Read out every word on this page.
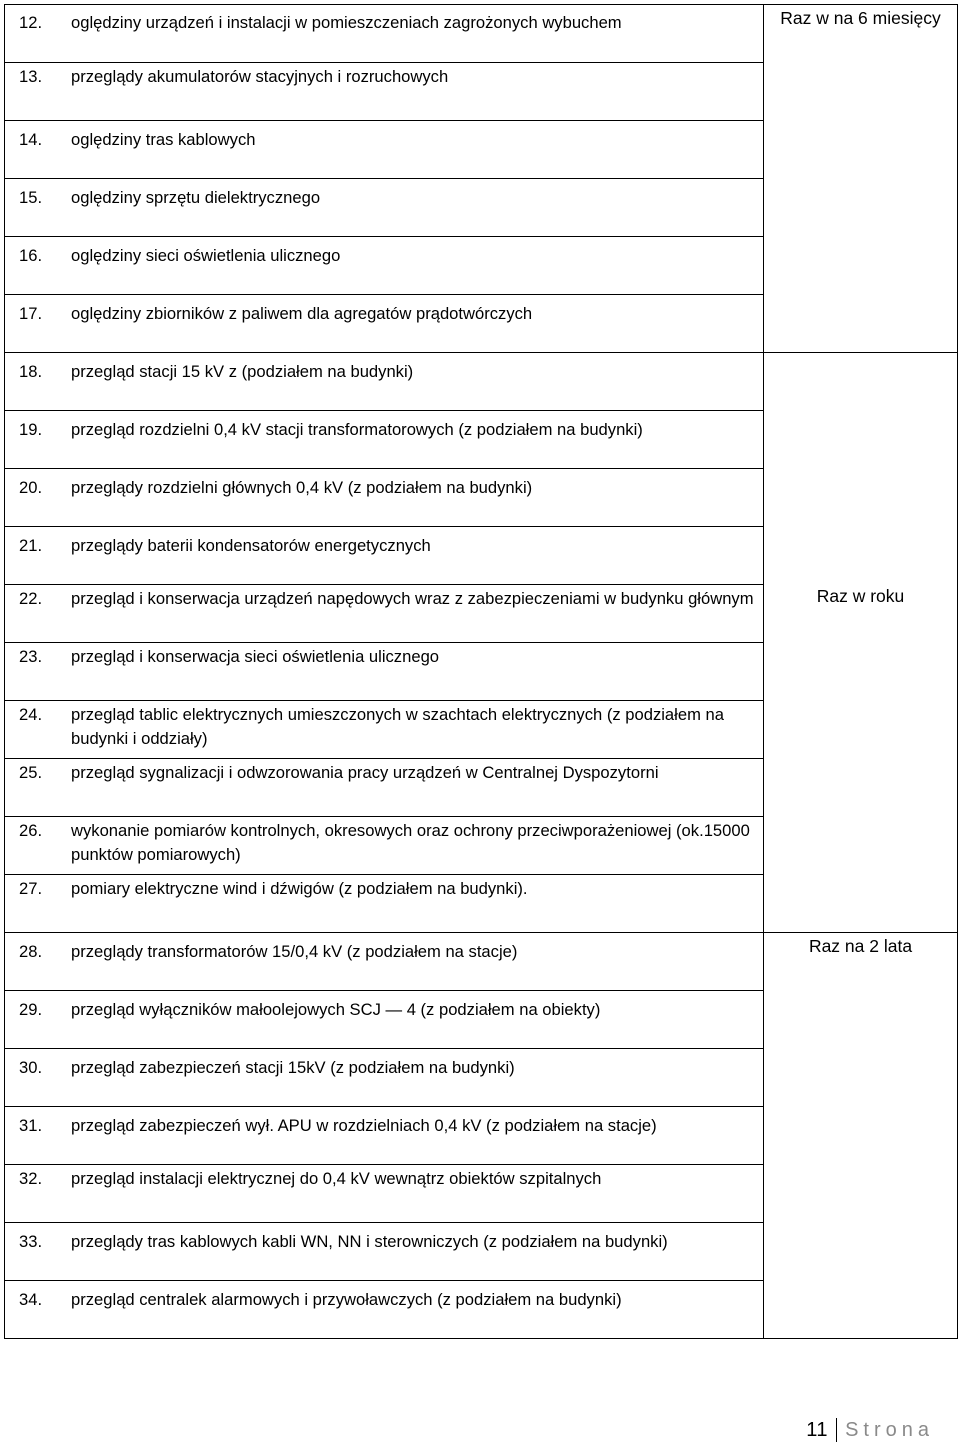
12. oględziny urządzeń i instalacji w pomieszczeniach zagrożonych wybuchem	Raz w na 6 miesięcy

13. przeglądy akumulatorów stacyjnych i rozruchowych	

14. oględziny tras kablowych	

15. oględziny sprzętu dielektrycznego	

16. oględziny sieci oświetlenia ulicznego	

17. oględziny zbiorników z paliwem dla agregatów prądotwórczych	

18. przegląd stacji 15 kV z (podziałem na budynki)	Raz w roku

19. przegląd rozdzielni 0,4 kV stacji transformatorowych (z podziałem na budynki)	

20. przeglądy rozdzielni głównych 0,4 kV (z podziałem na budynki)	

21. przeglądy baterii kondensatorów energetycznych	

22. przegląd i konserwacja urządzeń napędowych wraz z zabezpieczeniami w budynku głównym	

23. przegląd i konserwacja sieci oświetlenia ulicznego	

24. przegląd tablic elektrycznych umieszczonych w szachtach elektrycznych (z podziałem na budynki i oddziały)	

25. przegląd sygnalizacji i odwzorowania pracy urządzeń w Centralnej Dyspozytorni	

26. wykonanie pomiarów kontrolnych, okresowych oraz ochrony przeciwporażeniowej (ok.15000 punktów pomiarowych)	

27. pomiary elektryczne wind i dźwigów (z podziałem na budynki).	

28. przeglądy transformatorów 15/0,4 kV (z podziałem na stacje)	Raz na 2 lata

29. przegląd wyłączników małoolejowych SCJ — 4 (z podziałem na obiekty)	

30. przegląd zabezpieczeń stacji 15kV (z podziałem na budynki)	

31. przegląd zabezpieczeń wył. APU w rozdzielniach 0,4 kV (z podziałem na stacje)	

32. przegląd instalacji elektrycznej do 0,4 kV wewnątrz obiektów szpitalnych	

33. przeglądy tras kablowych kabli WN, NN i sterowniczych (z podziałem na budynki)	

34. przegląd centralek alarmowych i przywoławczych (z podziałem na budynki)	
11 Strona
